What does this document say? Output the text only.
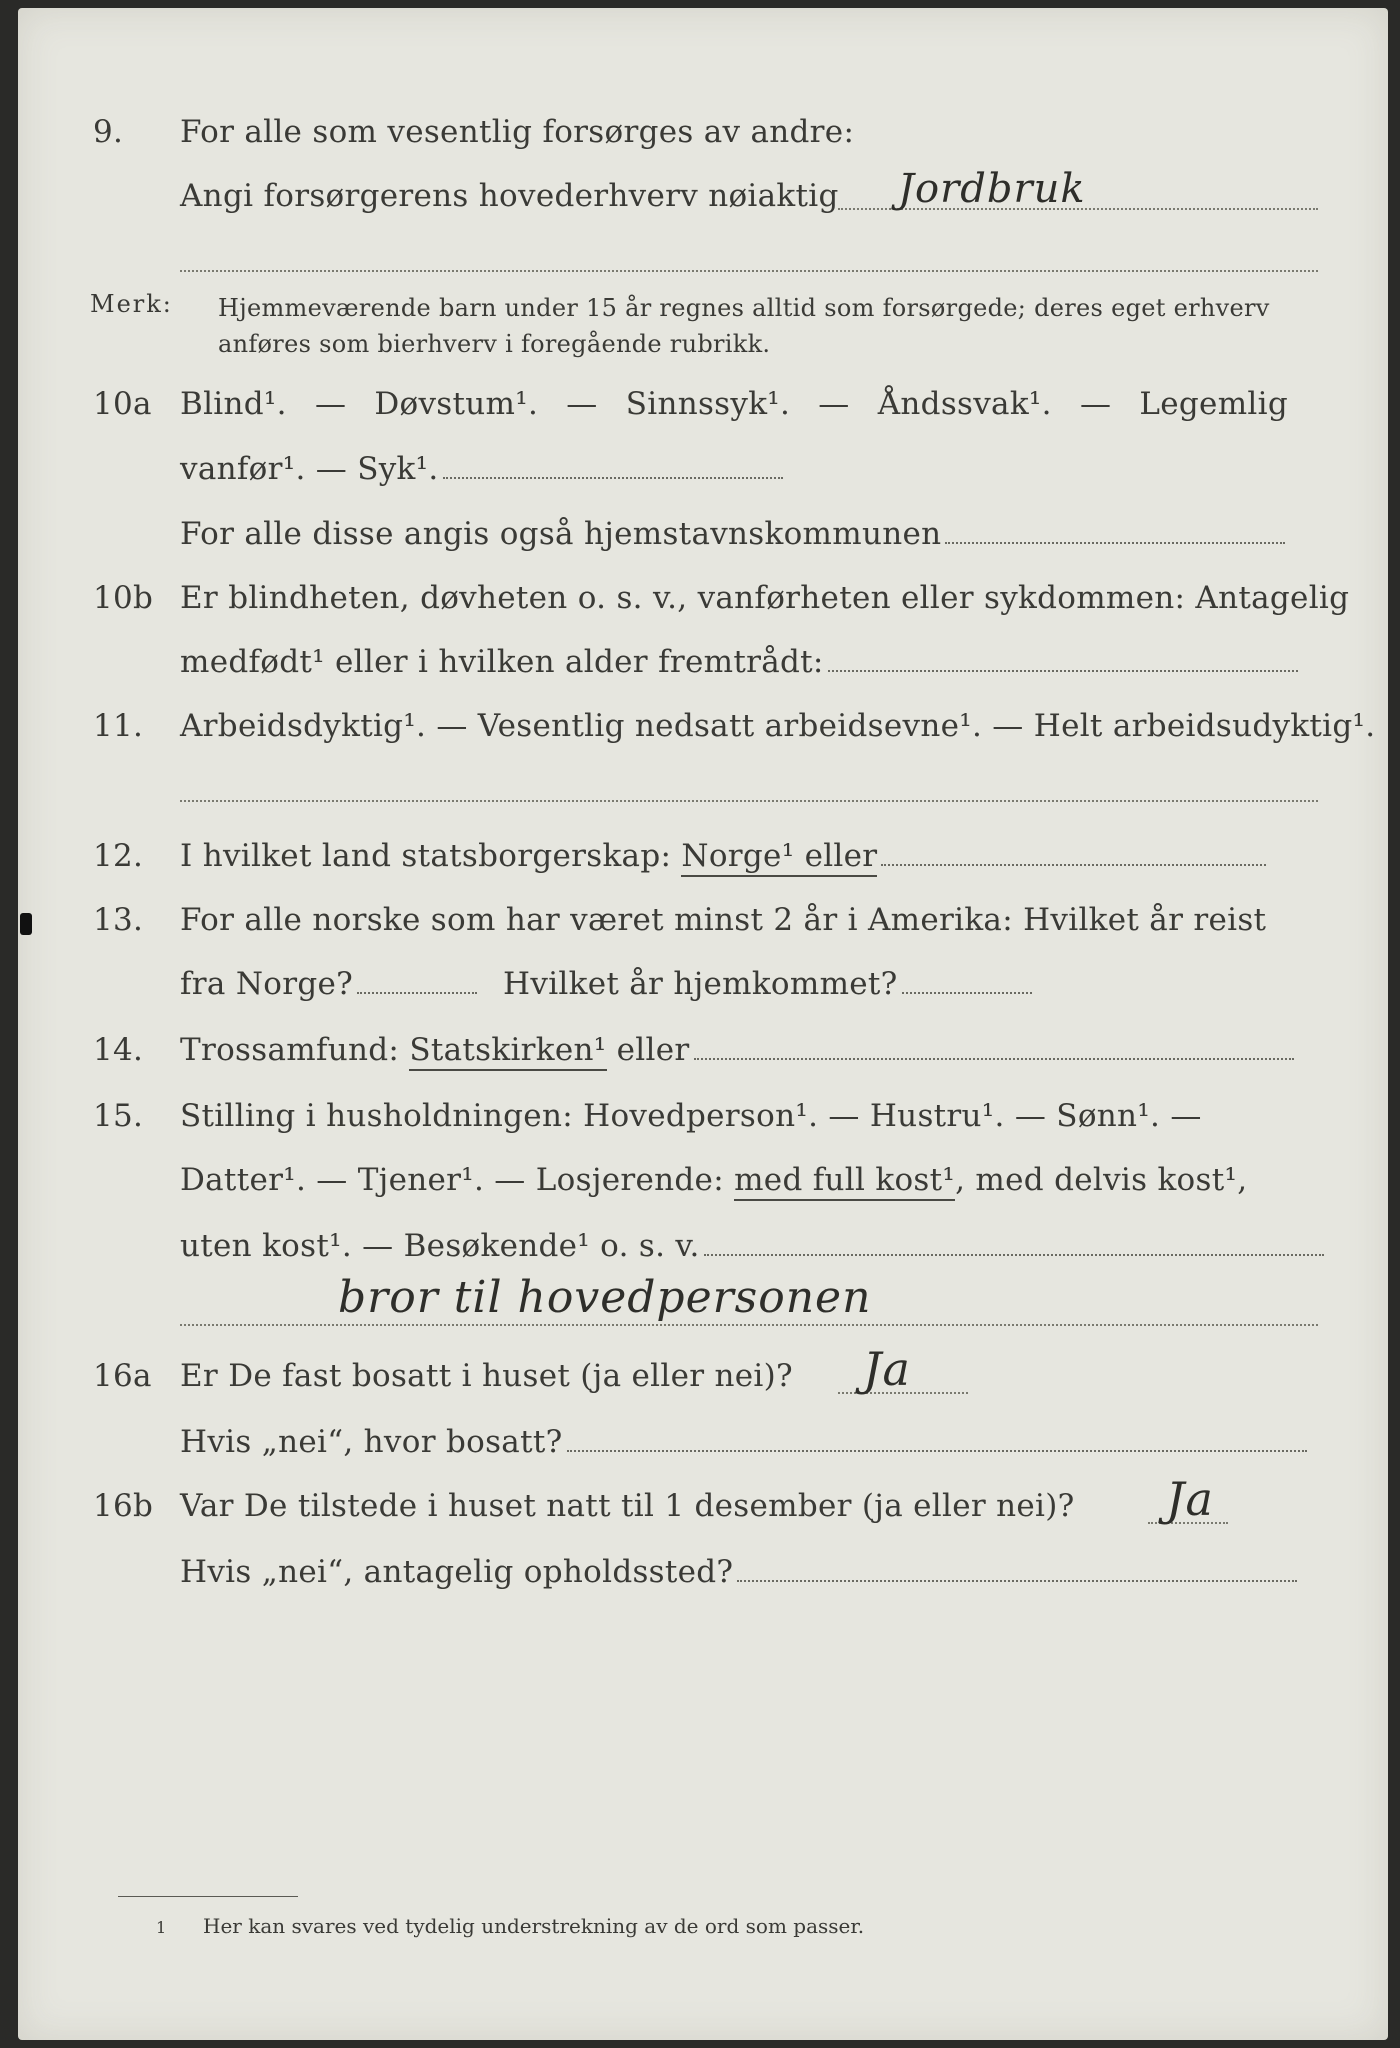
9. For alle som vesentlig forsørges av andre:
Angi forsørgerens hovederhverv nøiaktig Jordbruk
Merk: Hjemmeværende barn under 15 år regnes alltid som forsørgede; deres eget erhverv
anføres som bierhverv i foregående rubrikk.
10a Blind¹. — Døvstum¹. — Sinnssyk¹. — Åndssvak¹. — Legemlig
vanfør¹. — Syk¹.
For alle disse angis også hjemstavnskommunen
10b Er blindheten, døvheten o. s. v., vanførheten eller sykdommen: Antagelig
medfødt¹ eller i hvilken alder fremtrådt:
11. Arbeidsdyktig¹. — Vesentlig nedsatt arbeidsevne¹. — Helt arbeidsudyktig¹.
12. I hvilket land statsborgerskap: Norge¹ eller
13. For alle norske som har været minst 2 år i Amerika: Hvilket år reist
fra Norge?	Hvilket år hjemkommet?
14. Trossamfund: Statskirken¹ eller
15. Stilling i husholdningen: Hovedperson¹. — Hustru¹. — Sønn¹. —
Datter¹. — Tjener¹. — Losjerende: med full kost¹, med delvis kost¹,
uten kost¹. — Besøkende¹ o. s. v.
bror til hovedpersonen
16a Er De fast bosatt i huset (ja eller nei)? Ja
Hvis „nei“, hvor bosatt?
16b Var De tilstede i huset natt til 1 desember (ja eller nei)? Ja
Hvis „nei“, antagelig opholdssted?
1 Her kan svares ved tydelig understrekning av de ord som passer.
